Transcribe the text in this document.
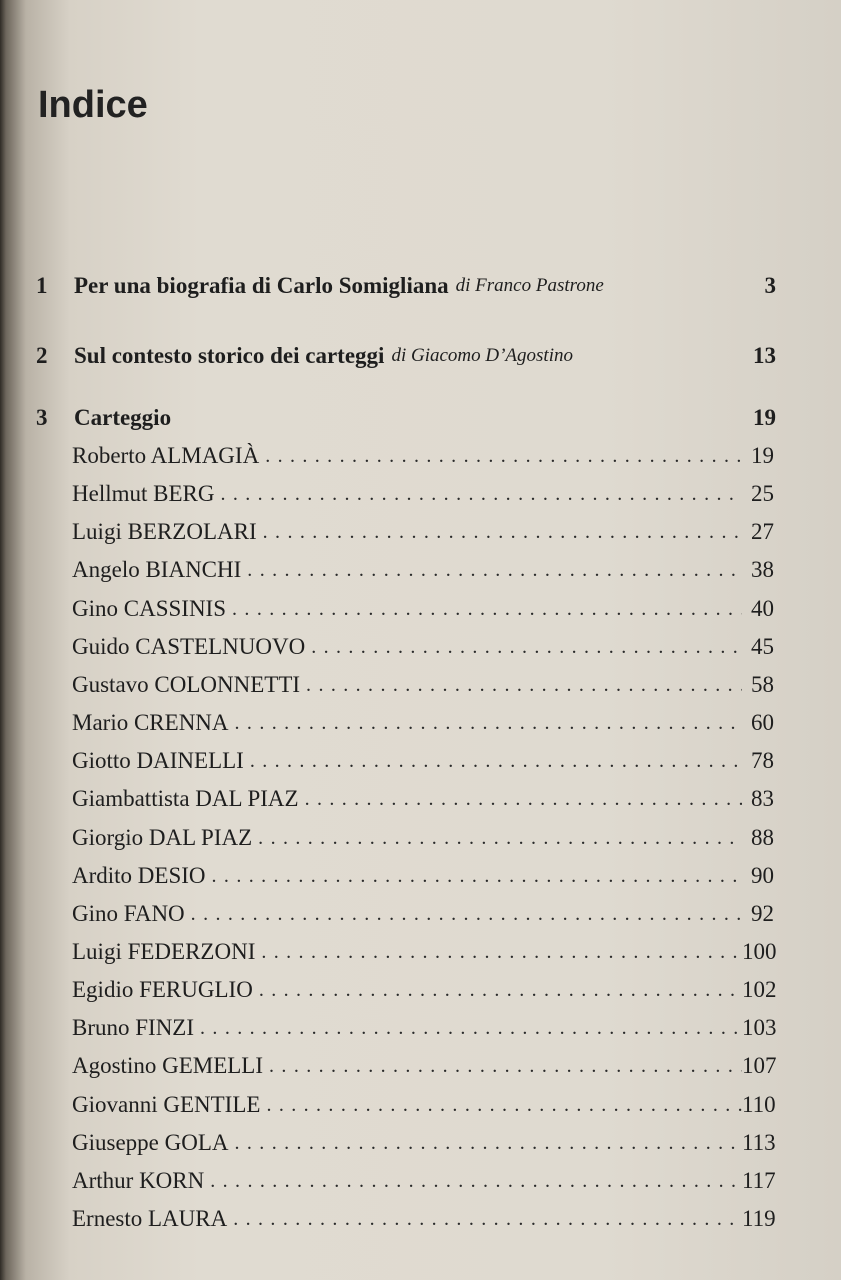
Indice
1	Per una biografia di Carlo Somigliana di Franco Pastrone	3
2	Sul contesto storico dei carteggi di Giacomo D’Agostino	13
3	Carteggio	19
Roberto ALMAGIÀ . . .	19
Hellmut BERG . . .	25
Luigi BERZOLARI . . .	27
Angelo BIANCHI . . .	38
Gino CASSINIS . . .	40
Guido CASTELNUOVO . . .	45
Gustavo COLONNETTI . . .	58
Mario CRENNA . . .	60
Giotto DAINELLI . . .	78
Giambattista DAL PIAZ . . .	83
Giorgio DAL PIAZ . . .	88
Ardito DESIO . . .	90
Gino FANO . . .	92
Luigi FEDERZONI . . .	100
Egidio FERUGLIO . . .	102
Bruno FINZI . . .	103
Agostino GEMELLI . . .	107
Giovanni GENTILE . . .	110
Giuseppe GOLA . . .	113
Arthur KORN . . .	117
Ernesto LAURA . . .	119
